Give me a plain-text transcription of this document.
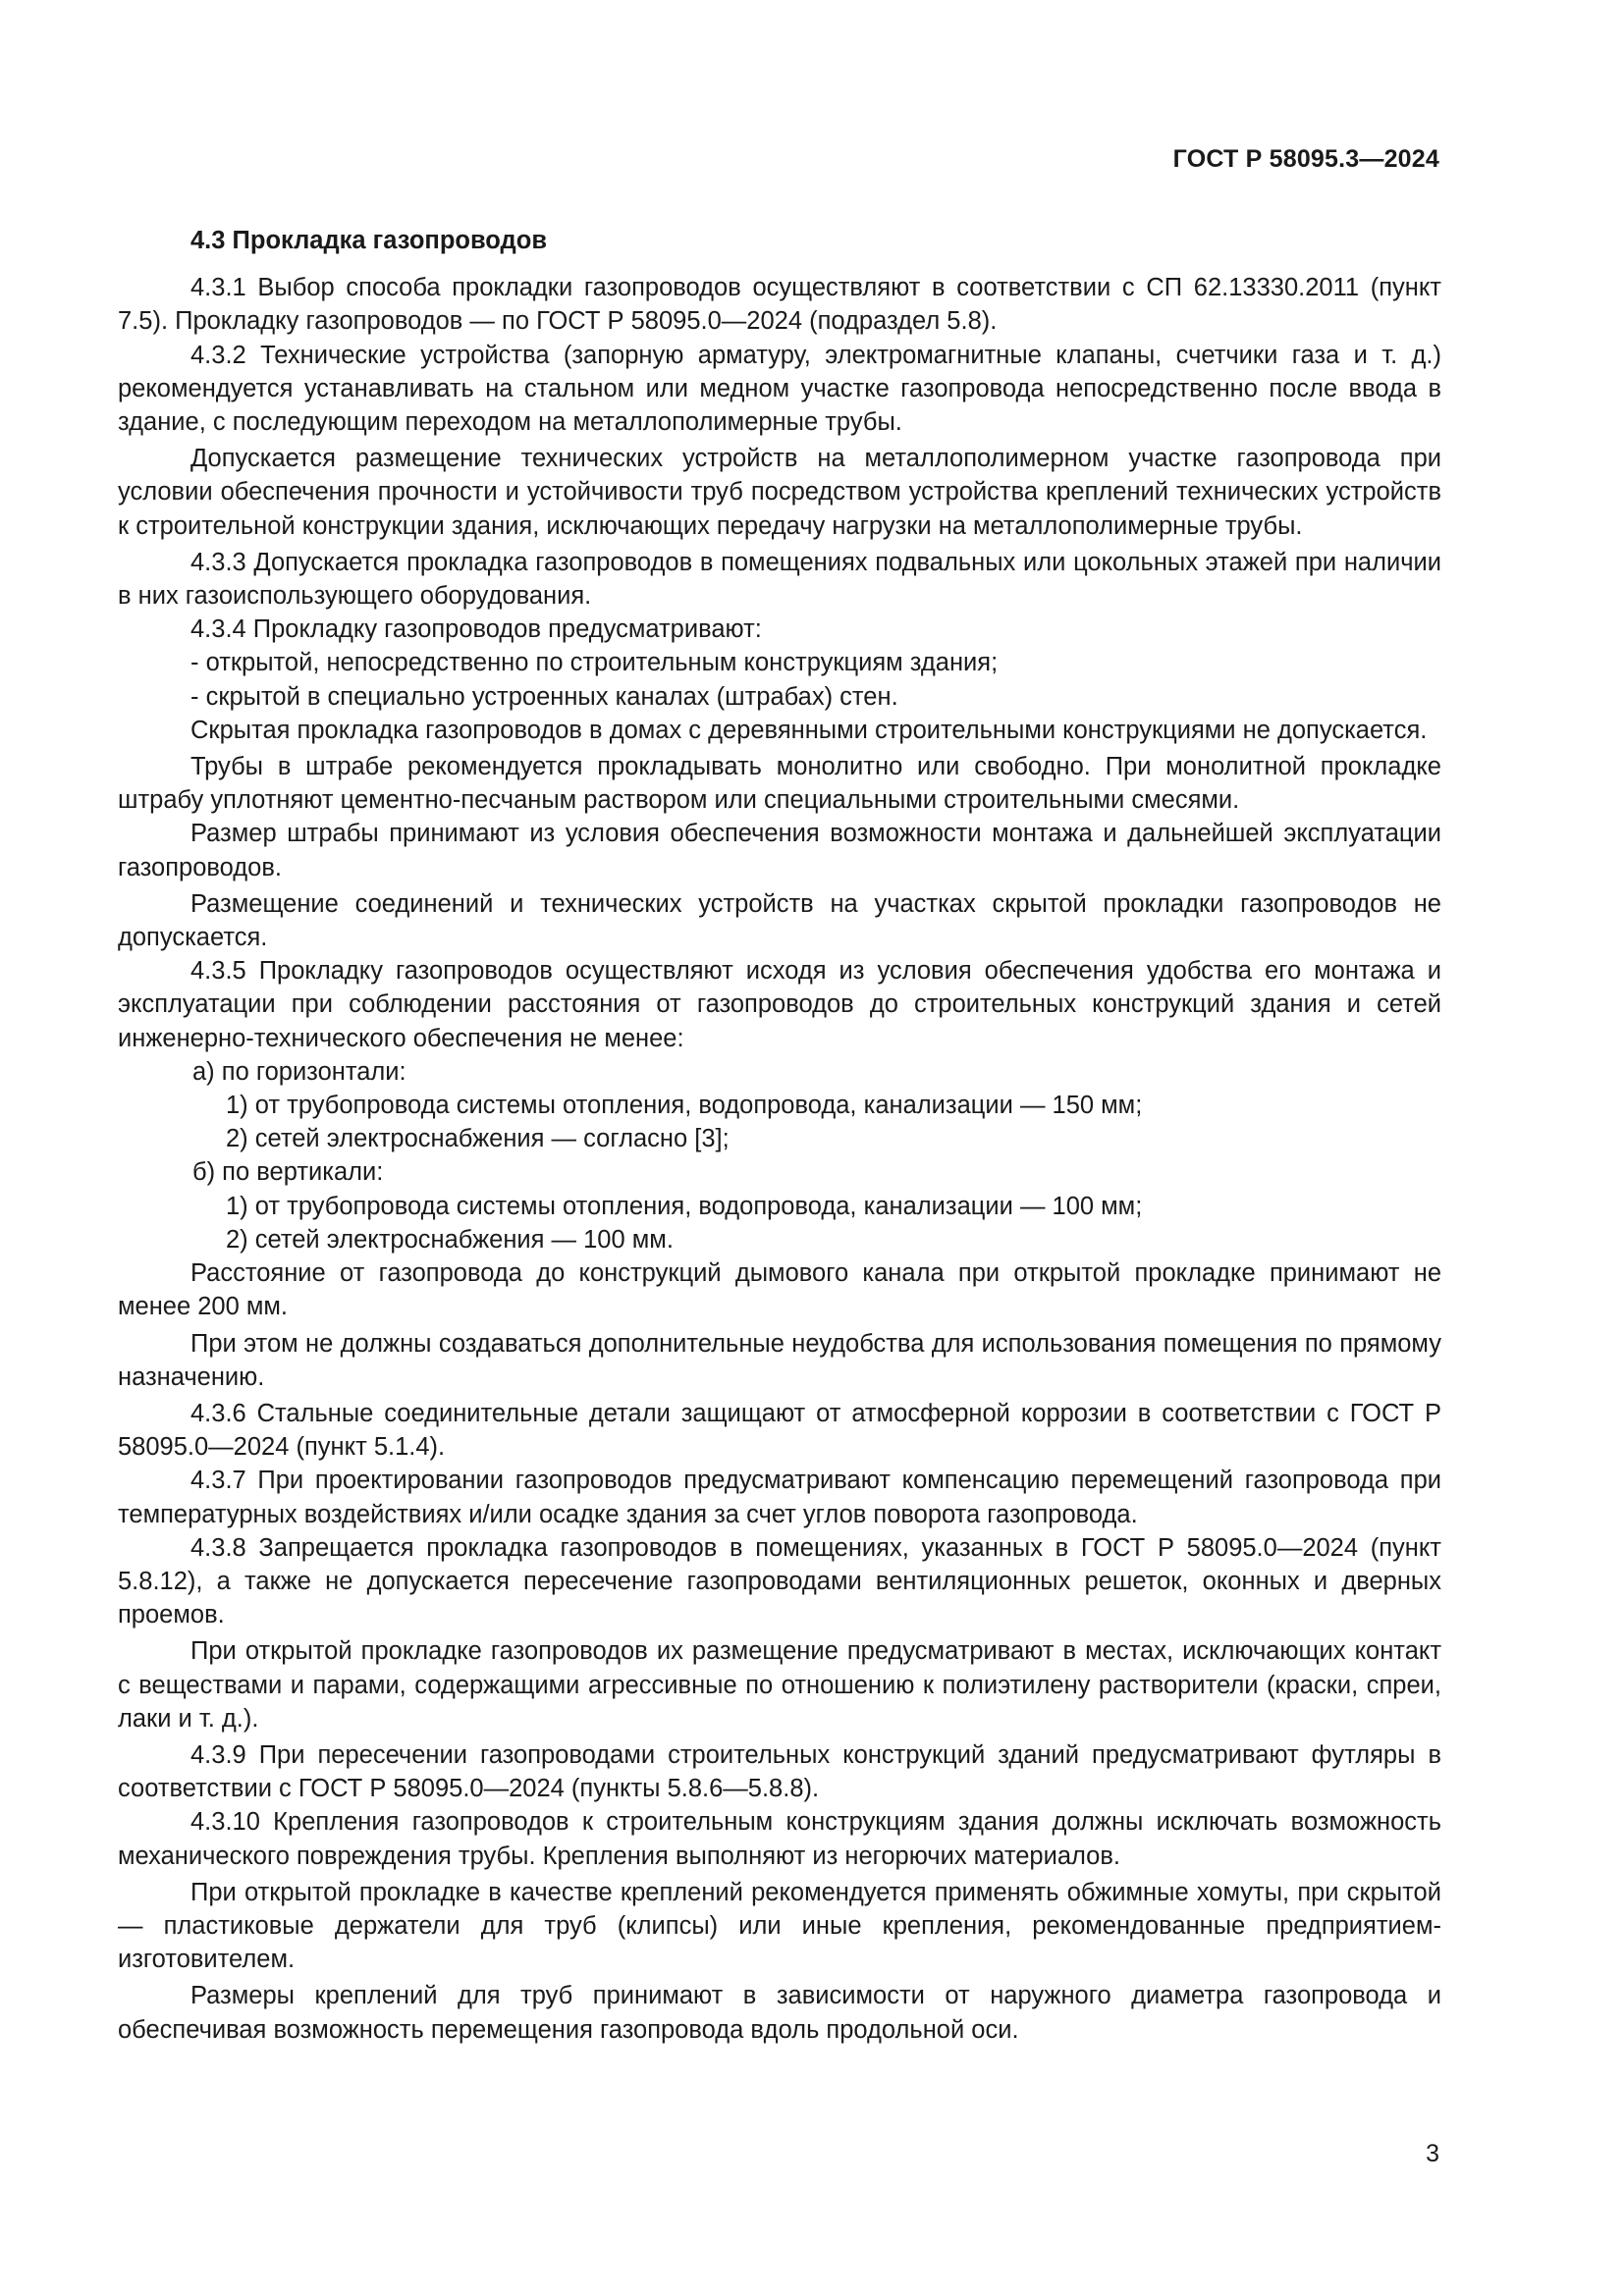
ГОСТ Р 58095.3—2024

4.3 Прокладка газопроводов

4.3.1 Выбор способа прокладки газопроводов осуществляют в соответствии с СП 62.13330.2011 (пункт 7.5). Прокладку газопроводов — по ГОСТ Р 58095.0—2024 (подраздел 5.8).

4.3.2 Технические устройства (запорную арматуру, электромагнитные клапаны, счетчики газа и т. д.) рекомендуется устанавливать на стальном или медном участке газопровода непосредственно после ввода в здание, с последующим переходом на металлополимерные трубы.

Допускается размещение технических устройств на металлополимерном участке газопровода при условии обеспечения прочности и устойчивости труб посредством устройства креплений технических устройств к строительной конструкции здания, исключающих передачу нагрузки на металлополимерные трубы.

4.3.3 Допускается прокладка газопроводов в помещениях подвальных или цокольных этажей при наличии в них газоиспользующего оборудования.

4.3.4 Прокладку газопроводов предусматривают:

- открытой, непосредственно по строительным конструкциям здания;

- скрытой в специально устроенных каналах (штрабах) стен.

Скрытая прокладка газопроводов в домах с деревянными строительными конструкциями не допускается.

Трубы в штрабе рекомендуется прокладывать монолитно или свободно. При монолитной прокладке штрабу уплотняют цементно-песчаным раствором или специальными строительными смесями.

Размер штрабы принимают из условия обеспечения возможности монтажа и дальнейшей эксплуатации газопроводов.

Размещение соединений и технических устройств на участках скрытой прокладки газопроводов не допускается.

4.3.5 Прокладку газопроводов осуществляют исходя из условия обеспечения удобства его монтажа и эксплуатации при соблюдении расстояния от газопроводов до строительных конструкций здания и сетей инженерно-технического обеспечения не менее:

а) по горизонтали:

1) от трубопровода системы отопления, водопровода, канализации — 150 мм;

2) сетей электроснабжения — согласно [3];

б) по вертикали:

1) от трубопровода системы отопления, водопровода, канализации — 100 мм;

2) сетей электроснабжения — 100 мм.

Расстояние от газопровода до конструкций дымового канала при открытой прокладке принимают не менее 200 мм.

При этом не должны создаваться дополнительные неудобства для использования помещения по прямому назначению.

4.3.6 Стальные соединительные детали защищают от атмосферной коррозии в соответствии с ГОСТ Р 58095.0—2024 (пункт 5.1.4).

4.3.7 При проектировании газопроводов предусматривают компенсацию перемещений газопровода при температурных воздействиях и/или осадке здания за счет углов поворота газопровода.

4.3.8 Запрещается прокладка газопроводов в помещениях, указанных в ГОСТ Р 58095.0—2024 (пункт 5.8.12), а также не допускается пересечение газопроводами вентиляционных решеток, оконных и дверных проемов.

При открытой прокладке газопроводов их размещение предусматривают в местах, исключающих контакт с веществами и парами, содержащими агрессивные по отношению к полиэтилену растворители (краски, спреи, лаки и т. д.).

4.3.9 При пересечении газопроводами строительных конструкций зданий предусматривают футляры в соответствии с ГОСТ Р 58095.0—2024 (пункты 5.8.6—5.8.8).

4.3.10 Крепления газопроводов к строительным конструкциям здания должны исключать возможность механического повреждения трубы. Крепления выполняют из негорючих материалов.

При открытой прокладке в качестве креплений рекомендуется применять обжимные хомуты, при скрытой — пластиковые держатели для труб (клипсы) или иные крепления, рекомендованные предприятием-изготовителем.

Размеры креплений для труб принимают в зависимости от наружного диаметра газопровода и обеспечивая возможность перемещения газопровода вдоль продольной оси.

3
